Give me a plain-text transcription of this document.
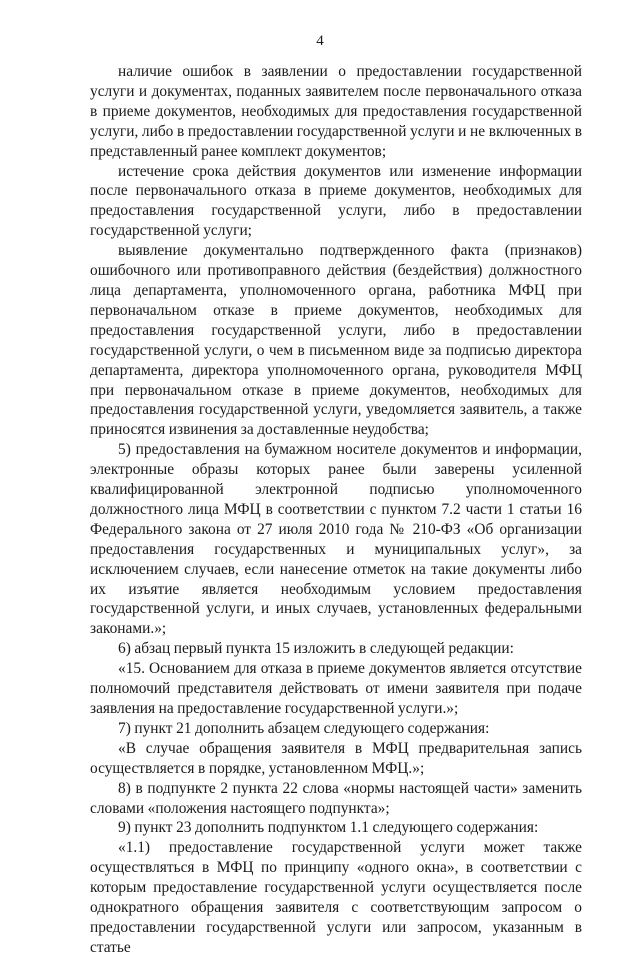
4

наличие ошибок в заявлении о предоставлении государственной услуги и документах, поданных заявителем после первоначального отказа в приеме документов, необходимых для предоставления государственной услуги, либо в предоставлении государственной услуги и не включенных в представленный ранее комплект документов;

истечение срока действия документов или изменение информации после первоначального отказа в приеме документов, необходимых для предоставления государственной услуги, либо в предоставлении государственной услуги;

выявление документально подтвержденного факта (признаков) ошибочного или противоправного действия (бездействия) должностного лица департамента, уполномоченного органа, работника МФЦ при первоначальном отказе в приеме документов, необходимых для предоставления государственной услуги, либо в предоставлении государственной услуги, о чем в письменном виде за подписью директора департамента, директора уполномоченного органа, руководителя МФЦ при первоначальном отказе в приеме документов, необходимых для предоставления государственной услуги, уведомляется заявитель, а также приносятся извинения за доставленные неудобства;

5) предоставления на бумажном носителе документов и информации, электронные образы которых ранее были заверены усиленной квалифицированной электронной подписью уполномоченного должностного лица МФЦ в соответствии с пунктом 7.2 части 1 статьи 16 Федерального закона от 27 июля 2010 года № 210-ФЗ «Об организации предоставления государственных и муниципальных услуг», за исключением случаев, если нанесение отметок на такие документы либо их изъятие является необходимым условием предоставления государственной услуги, и иных случаев, установленных федеральными законами.»;

6) абзац первый пункта 15 изложить в следующей редакции:

«15. Основанием для отказа в приеме документов является отсутствие полномочий представителя действовать от имени заявителя при подаче заявления на предоставление государственной услуги.»;

7) пункт 21 дополнить абзацем следующего содержания:

«В случае обращения заявителя в МФЦ предварительная запись осуществляется в порядке, установленном МФЦ.»;

8) в подпункте 2 пункта 22 слова «нормы настоящей части» заменить словами «положения настоящего подпункта»;

9) пункт 23 дополнить подпунктом 1.1 следующего содержания:

«1.1) предоставление государственной услуги может также осуществляться в МФЦ по принципу «одного окна», в соответствии с которым предоставление государственной услуги осуществляется после однократного обращения заявителя с соответствующим запросом о предоставлении государственной услуги или запросом, указанным в статье
